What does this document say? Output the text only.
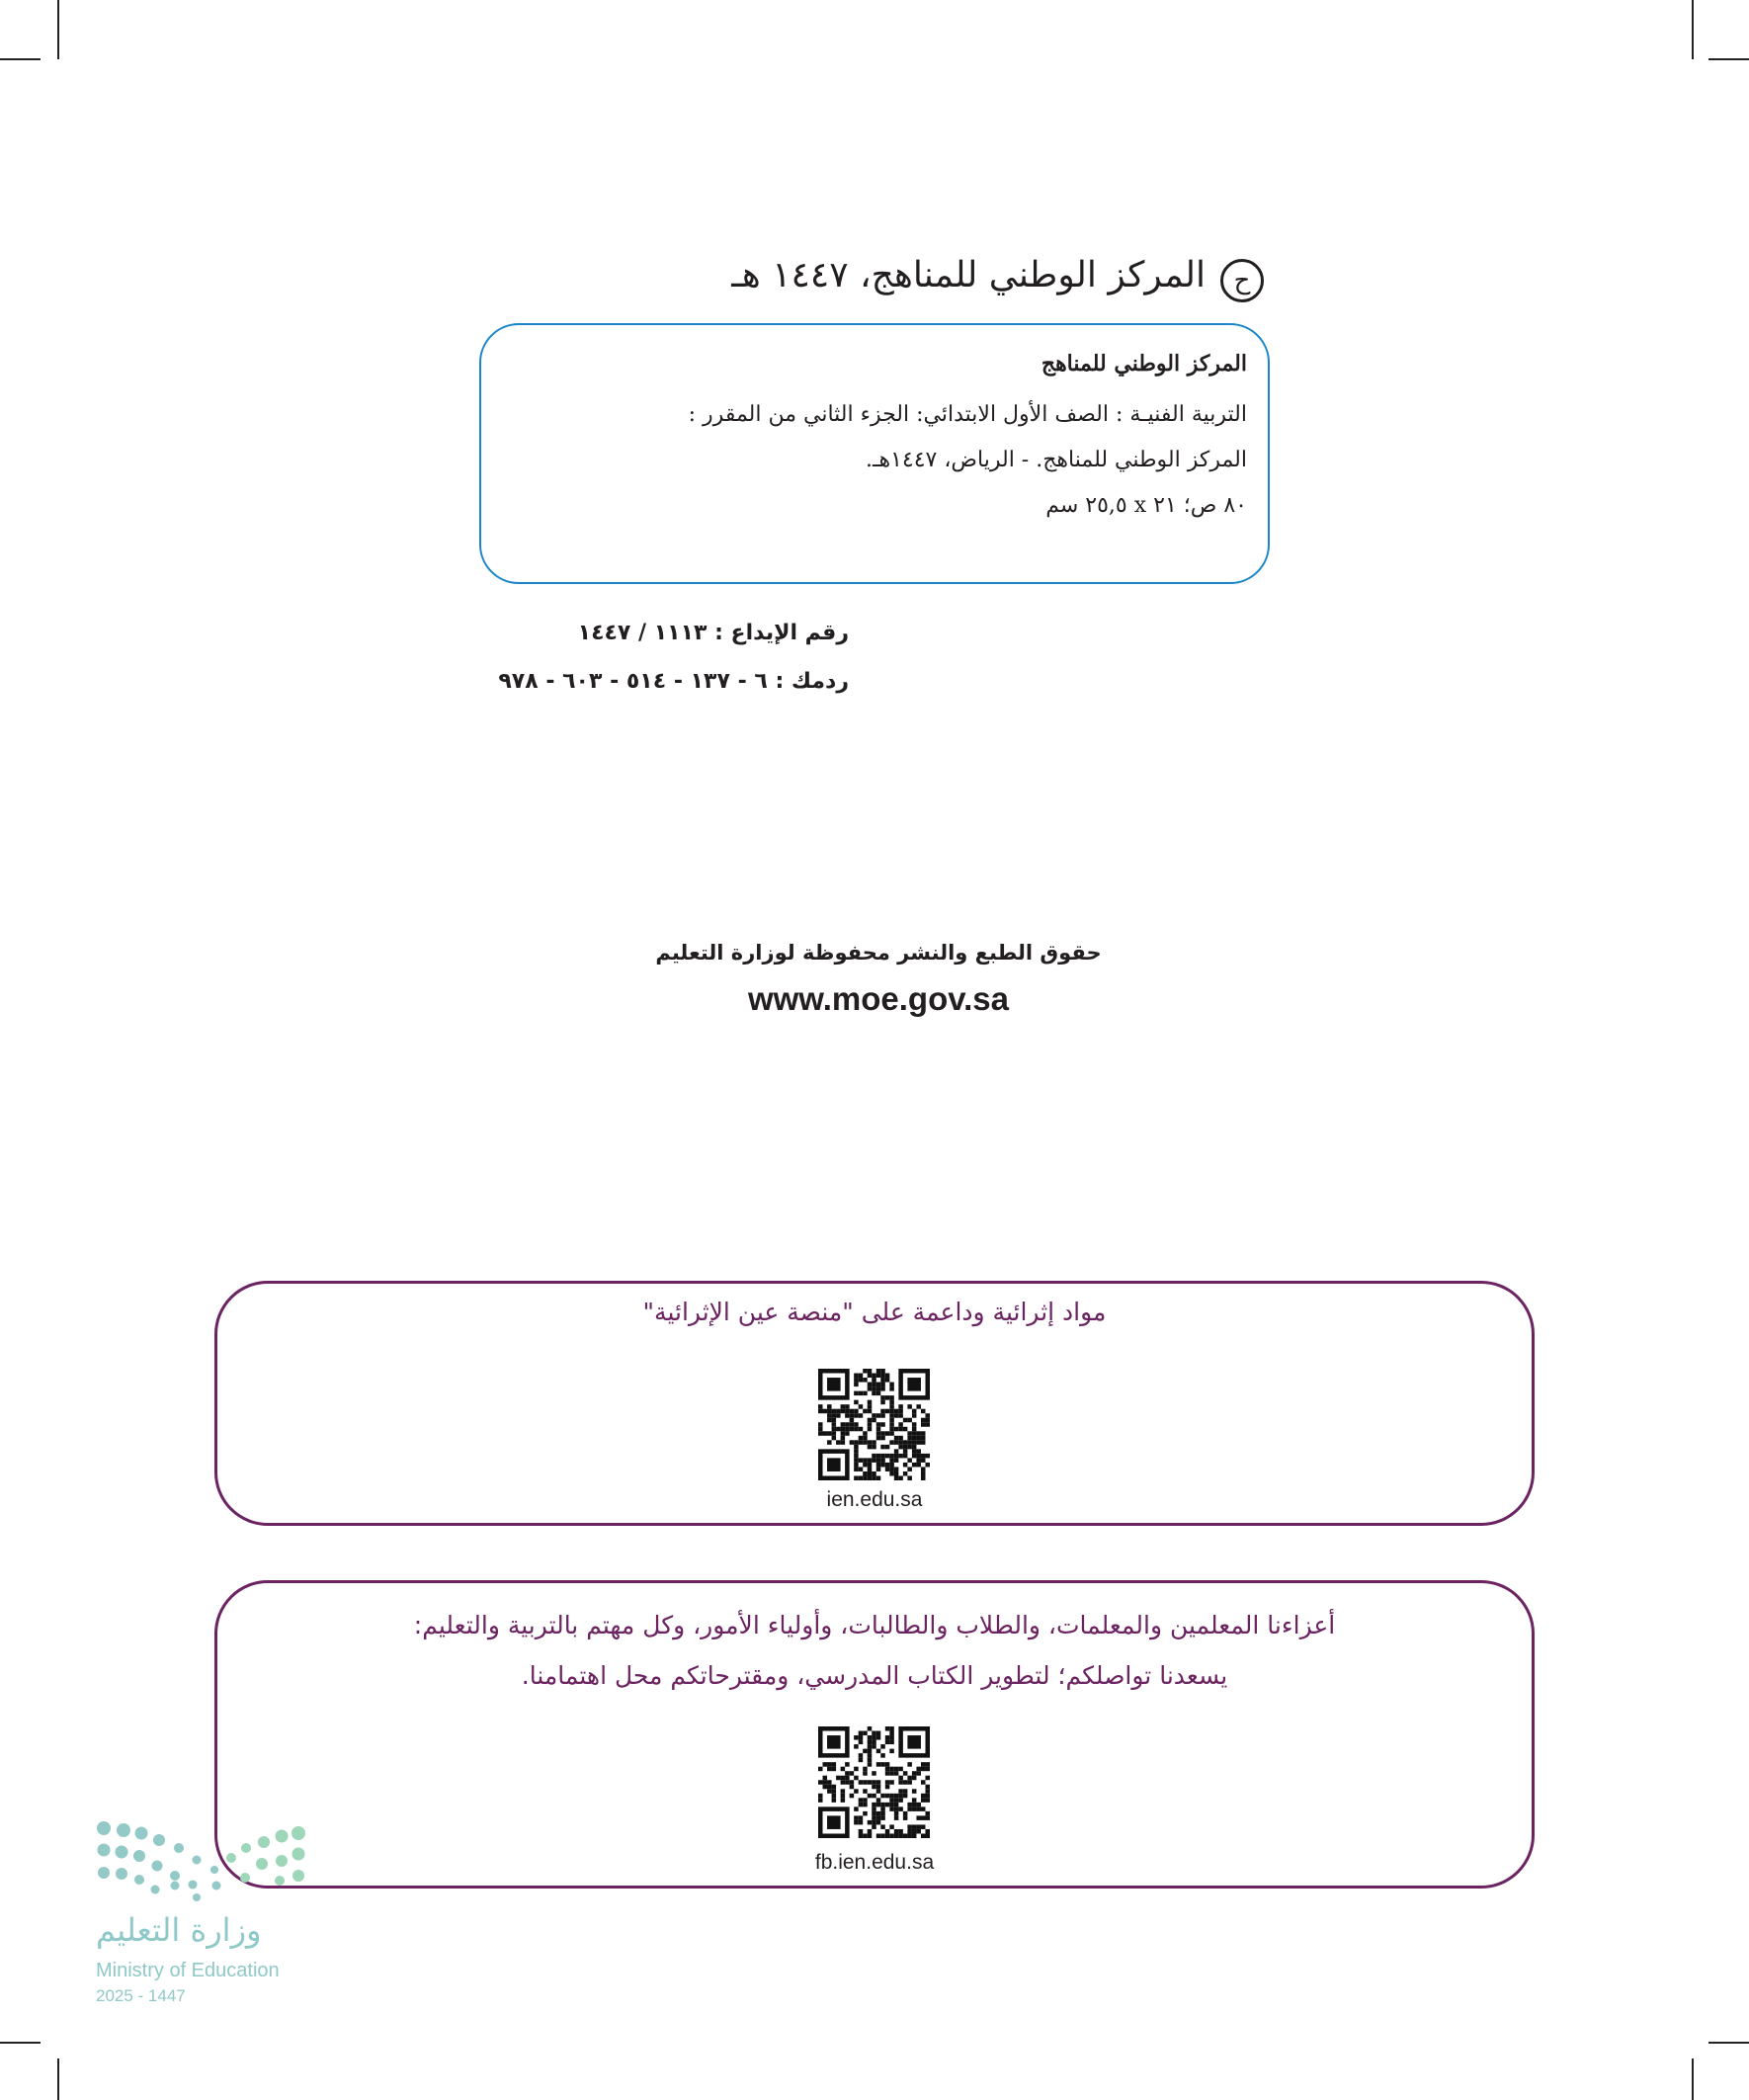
ح
المركز الوطني للمناهج، ١٤٤٧ هـ
المركز الوطني للمناهج
التربية الفنيـة : الصف الأول الابتدائي: الجزء الثاني من المقرر :
المركز الوطني للمناهج. - الرياض، ١٤٤٧هـ.
٨٠ ص؛ ٢١ x ٢٥,٥ سم
رقم الإيداع : ١١١٣ / ١٤٤٧
ردمك : ٦ - ١٣٧ - ٥١٤ - ٦٠٣ - ٩٧٨
حقوق الطبع والنشر محفوظة لوزارة التعليم
www.moe.gov.sa
مواد إثرائية وداعمة على "منصة عين الإثرائية"
ien.edu.sa
أعزاءنا المعلمين والمعلمات، والطلاب والطالبات، وأولياء الأمور، وكل مهتم بالتربية والتعليم:
يسعدنا تواصلكم؛ لتطوير الكتاب المدرسي، ومقترحاتكم محل اهتمامنا.
fb.ien.edu.sa
وزارة التعليم
Ministry of Education
2025 - 1447
